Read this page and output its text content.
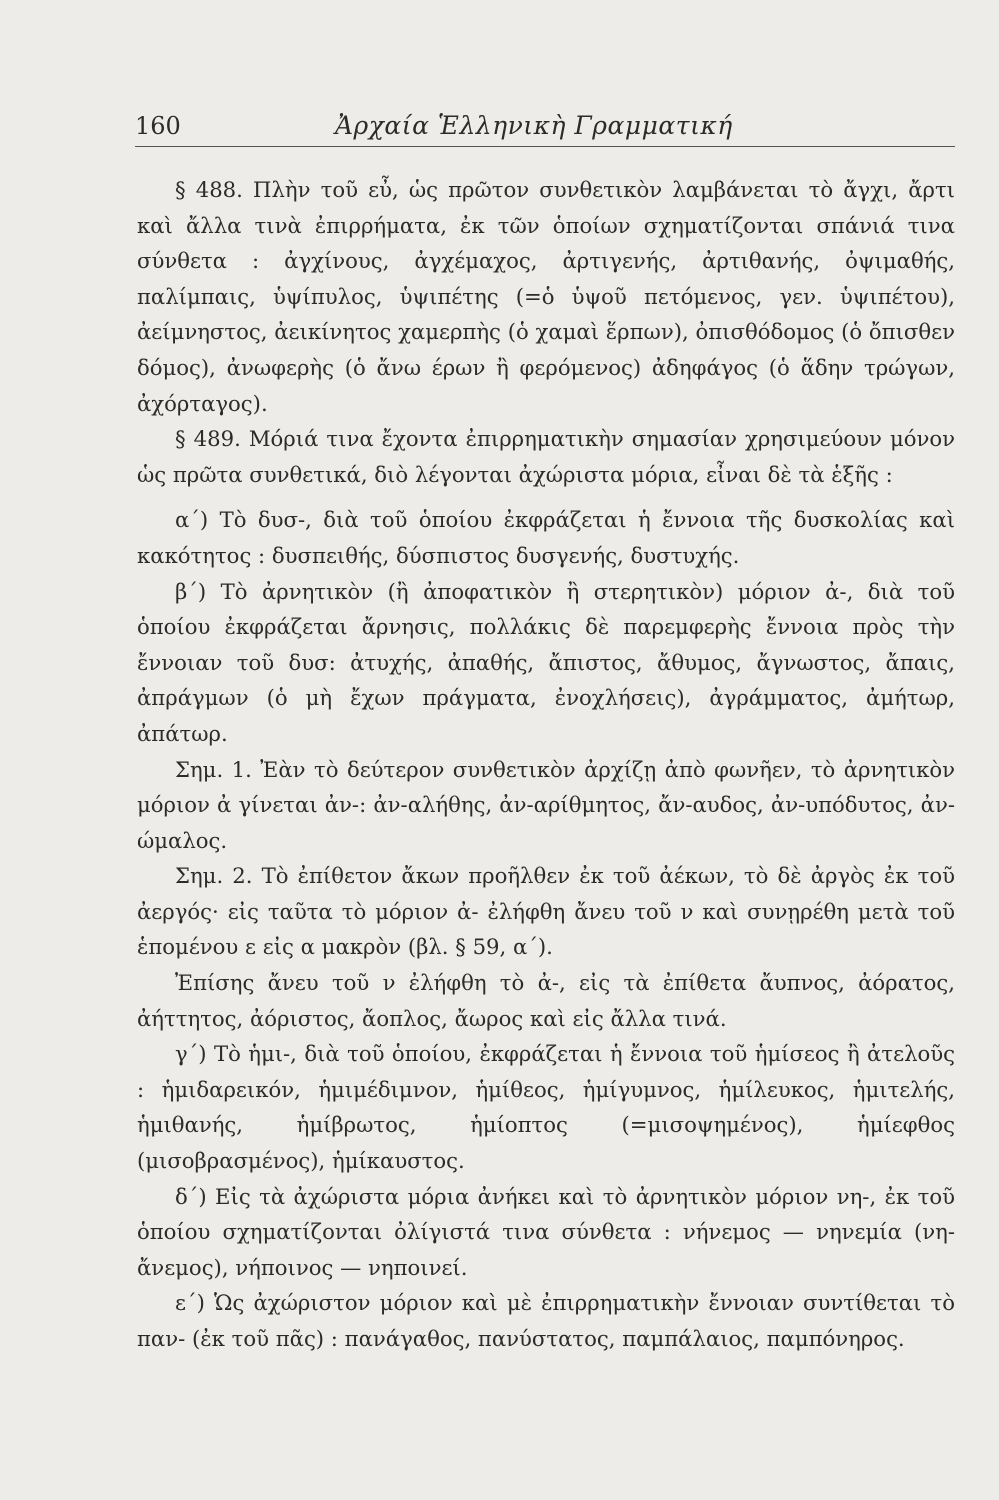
160	Ἀρχαία Ἑλληνικὴ Γραμματική

§ 488. Πλὴν τοῦ εὖ, ὡς πρῶτον συνθετικὸν λαμβάνεται τὸ ἄγχι, ἄρτι καὶ ἄλλα τινὰ ἐπιρρήματα, ἐκ τῶν ὁποίων σχηματίζονται σπάνιά τινα σύνθετα : ἀγχίνους, ἀγχέμαχος, ἀρτιγενής, ἀρτιθανής, ὀψιμαθής, παλίμπαις, ὑψίπυλος, ὑψιπέτης (=ὁ ὑψοῦ πετόμενος, γεν. ὑψιπέτου), ἀείμνηστος, ἀεικίνητος χαμερπὴς (ὁ χαμαὶ ἕρπων), ὀπισθόδομος (ὁ ὄπισθεν δόμος), ἀνωφερὴς (ὁ ἄνω έρων ἢ φερόμενος) ἀδηφάγος (ὁ ἅδην τρώγων, ἀχόρταγος).

§ 489. Μόριά τινα ἔχοντα ἐπιρρηματικὴν σημασίαν χρησιμεύουν μόνον ὡς πρῶτα συνθετικά, διὸ λέγονται ἀχώριστα μόρια, εἶναι δὲ τὰ ἑξῆς :

α΄) Τὸ δυσ-, διὰ τοῦ ὁποίου ἐκφράζεται ἡ ἔννοια τῆς δυσκολίας καὶ κακότητος : δυσπειθής, δύσπιστος δυσγενής, δυστυχής.

β΄) Τὸ ἀρνητικὸν (ἢ ἀποφατικὸν ἢ στερητικὸν) μόριον ἀ-, διὰ τοῦ ὁποίου ἐκφράζεται ἄρνησις, πολλάκις δὲ παρεμφερὴς ἔννοια πρὸς τὴν ἔννοιαν τοῦ δυσ: ἀτυχής, ἀπαθής, ἄπιστος, ἄθυμος, ἄγνωστος, ἄπαις, ἀπράγμων (ὁ μὴ ἔχων πράγματα, ἐνοχλήσεις), ἀγράμματος, ἀμήτωρ, ἀπάτωρ.

Σημ. 1. Ἐὰν τὸ δεύτερον συνθετικὸν ἀρχίζῃ ἀπὸ φωνῆεν, τὸ ἀρνητικὸν μόριον ἀ γίνεται ἀν-: ἀν-αλήθης, ἀν-αρίθμητος, ἄν-αυδος, ἀν-υπόδυτος, ἀν-ώμαλος.

Σημ. 2. Τὸ ἐπίθετον ἄκων προῆλθεν ἐκ τοῦ ἀέκων, τὸ δὲ ἀργὸς ἐκ τοῦ ἀεργός· εἰς ταῦτα τὸ μόριον ἀ- ἐλήφθη ἄνευ τοῦ ν καὶ συνῃρέθη μετὰ τοῦ ἑπομένου ε εἰς α μακρὸν (βλ. § 59, α΄).

Ἐπίσης ἄνευ τοῦ ν ἐλήφθη τὸ ἀ-, εἰς τὰ ἐπίθετα ἄυπνος, ἀόρατος, ἀήττητος, ἀόριστος, ἄοπλος, ἄωρος καὶ εἰς ἄλλα τινά.

γ΄) Τὸ ἡμι-, διὰ τοῦ ὁποίου, ἐκφράζεται ἡ ἔννοια τοῦ ἡμίσεος ἢ ἀτελοῦς : ἡμιδαρεικόν, ἡμιμέδιμνον, ἡμίθεος, ἡμίγυμνος, ἡμίλευκος, ἡμιτελής, ἡμιθανής, ἡμίβρωτος, ἡμίοπτος (=μισοψημένος), ἡμίεφθος (μισοβρασμένος), ἡμίκαυστος.

δ΄) Εἰς τὰ ἀχώριστα μόρια ἀνήκει καὶ τὸ ἀρνητικὸν μόριον νη-, ἐκ τοῦ ὁποίου σχηματίζονται ὀλίγιστά τινα σύνθετα : νήνεμος — νηνεμία (νη-ἄνεμος), νήποινος — νηποινεί.

ε΄) Ὡς ἀχώριστον μόριον καὶ μὲ ἐπιρρηματικὴν ἔννοιαν συντίθεται τὸ παν- (ἐκ τοῦ πᾶς) : πανάγαθος, πανύστατος, παμπάλαιος, παμπόνηρος.
